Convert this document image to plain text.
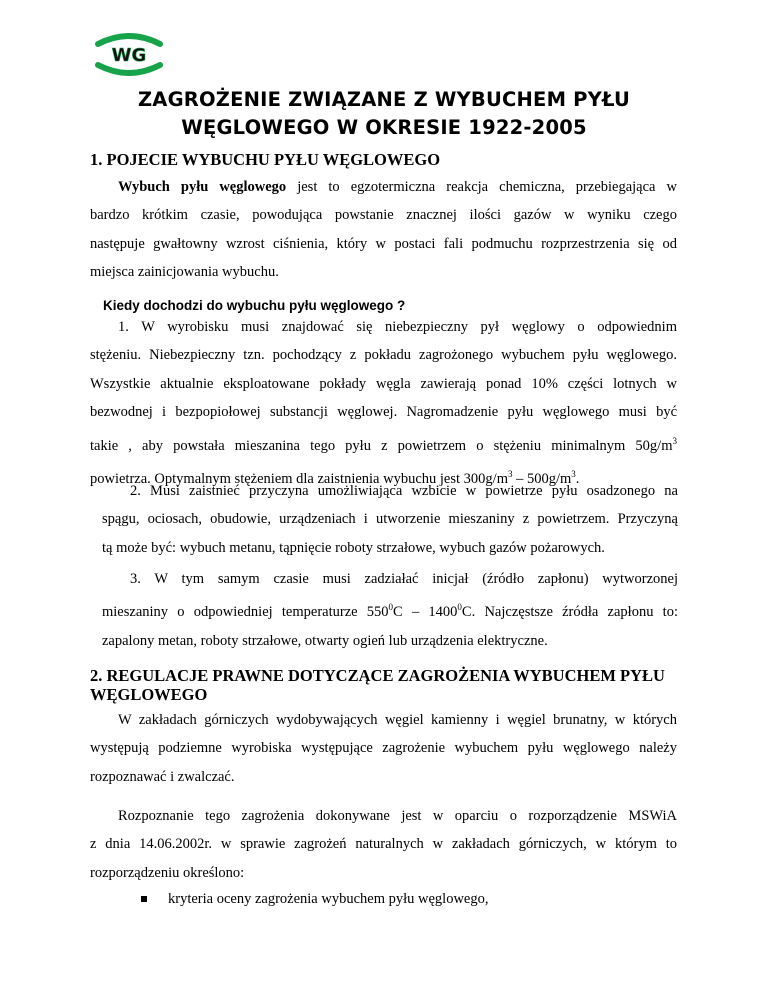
WG
ZAGROŻENIE ZWIĄZANE Z WYBUCHEM PYŁU
WĘGLOWEGO W OKRESIE 1922-2005
1. POJECIE WYBUCHU PYŁU WĘGLOWEGO
Wybuch pyłu węglowego jest to egzotermiczna reakcja chemiczna, przebiegająca w
bardzo krótkim czasie, powodująca powstanie znacznej ilości gazów w wyniku czego
następuje gwałtowny wzrost ciśnienia, który w postaci fali podmuchu rozprzestrzenia się od
miejsca zainicjowania wybuchu.
Kiedy dochodzi do wybuchu pyłu węglowego ?
1. W wyrobisku musi znajdować się niebezpieczny pył węglowy o odpowiednim
stężeniu. Niebezpieczny tzn. pochodzący z pokładu zagrożonego wybuchem pyłu węglowego.
Wszystkie aktualnie eksploatowane pokłady węgla zawierają ponad 10% części lotnych w
bezwodnej i bezpopiołowej substancji węglowej. Nagromadzenie pyłu węglowego musi być
takie , aby powstała mieszanina tego pyłu z powietrzem o stężeniu minimalnym $50g/m^3$
powietrza. Optymalnym stężeniem dla zaistnienia wybuchu jest $300g/m^3 - 500g/m^3$.
2. Musi zaistnieć przyczyna umożliwiająca wzbicie w powietrze pyłu osadzonego na
spągu, ociosach, obudowie, urządzeniach i utworzenie mieszaniny z powietrzem. Przyczyną
tą może być: wybuch metanu, tąpnięcie roboty strzałowe, wybuch gazów pożarowych.
3. W tym samym czasie musi zadziałać inicjał (źródło zapłonu) wytworzonej
mieszaniny o odpowiedniej temperaturze $550^0C - 1400^0C$. Najczęstsze źródła zapłonu to:
zapalony metan, roboty strzałowe, otwarty ogień lub urządzenia elektryczne.
2. REGULACJE PRAWNE DOTYCZĄCE ZAGROŻENIA WYBUCHEM PYŁU
WĘGLOWEGO
W zakładach górniczych wydobywających węgiel kamienny i węgiel brunatny, w których
występują podziemne wyrobiska występujące zagrożenie wybuchem pyłu węglowego należy
rozpoznawać i zwalczać.
Rozpoznanie tego zagrożenia dokonywane jest w oparciu o rozporządzenie MSWiA
z dnia 14.06.2002r. w sprawie zagrożeń naturalnych w zakładach górniczych, w którym to
rozporządzeniu określono:
kryteria oceny zagrożenia wybuchem pyłu węglowego,
